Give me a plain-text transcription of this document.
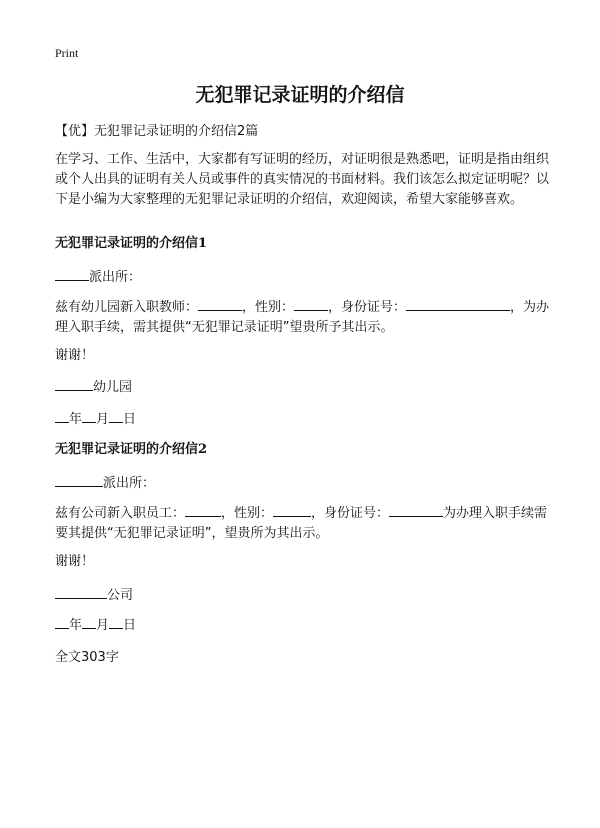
Print
无犯罪记录证明的介绍信
【优】无犯罪记录证明的介绍信2篇
在学习、工作、生活中，大家都有写证明的经历，对证明很是熟悉吧，证明是指由组织或个人出具的证明有关人员或事件的真实情况的书面材料。我们该怎么拟定证明呢？以下是小编为大家整理的无犯罪记录证明的介绍信，欢迎阅读，希望大家能够喜欢。
无犯罪记录证明的介绍信1
派出所：
兹有幼儿园新入职教师：	，性别：	，身份证号：	，为办理入职手续，需其提供“无犯罪记录证明”望贵所予其出示。
谢谢！
幼儿园
年 月 日
无犯罪记录证明的介绍信2
派出所：
兹有公司新入职员工：	，性别：	，身份证号：	为办理入职手续需要其提供“无犯罪记录证明”，望贵所为其出示。
谢谢！
公司
年 月 日
全文303字
